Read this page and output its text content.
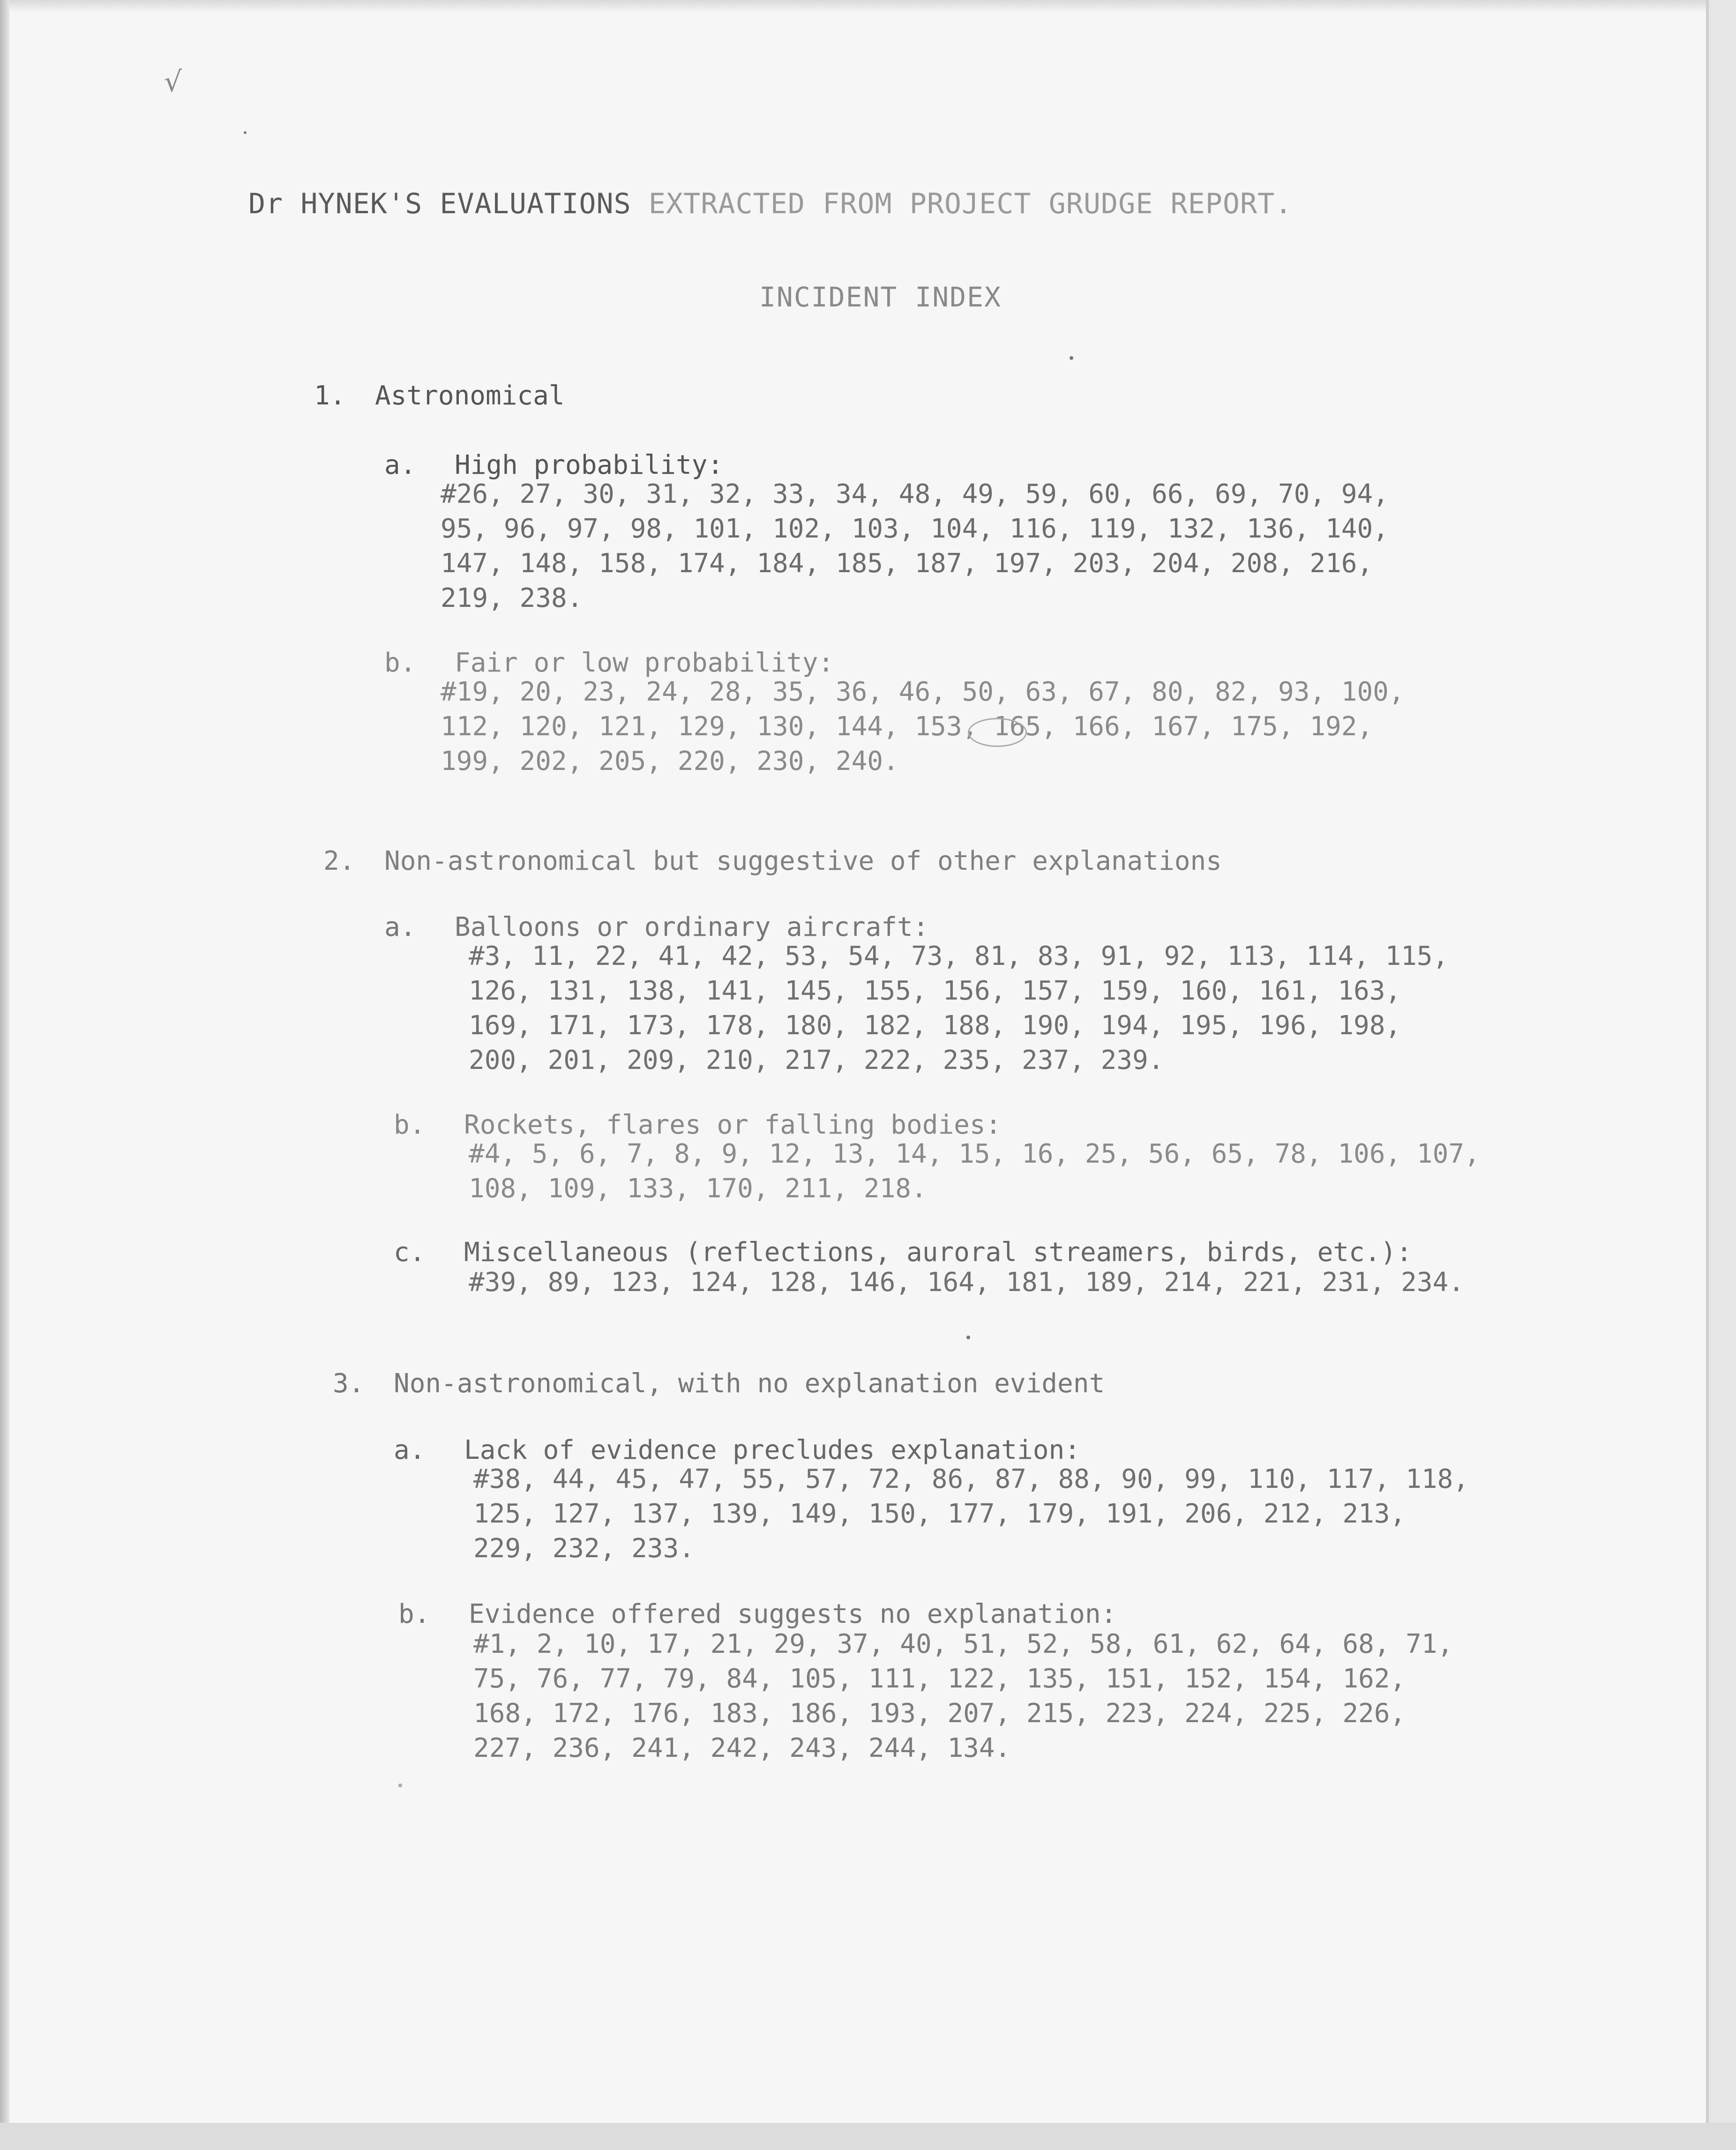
√
Dr HYNEK'S EVALUATIONS EXTRACTED FROM PROJECT GRUDGE REPORT.
INCIDENT INDEX
1. Astronomical
a. High probability:
#26, 27, 30, 31, 32, 33, 34, 48, 49, 59, 60, 66, 69, 70, 94,
95, 96, 97, 98, 101, 102, 103, 104, 116, 119, 132, 136, 140,
147, 148, 158, 174, 184, 185, 187, 197, 203, 204, 208, 216,
219, 238.
b. Fair or low probability:
#19, 20, 23, 24, 28, 35, 36, 46, 50, 63, 67, 80, 82, 93, 100,
112, 120, 121, 129, 130, 144, 153, 165, 166, 167, 175, 192,
199, 202, 205, 220, 230, 240.
2. Non-astronomical but suggestive of other explanations
a. Balloons or ordinary aircraft:
#3, 11, 22, 41, 42, 53, 54, 73, 81, 83, 91, 92, 113, 114, 115,
126, 131, 138, 141, 145, 155, 156, 157, 159, 160, 161, 163,
169, 171, 173, 178, 180, 182, 188, 190, 194, 195, 196, 198,
200, 201, 209, 210, 217, 222, 235, 237, 239.
b. Rockets, flares or falling bodies:
#4, 5, 6, 7, 8, 9, 12, 13, 14, 15, 16, 25, 56, 65, 78, 106, 107,
108, 109, 133, 170, 211, 218.
c. Miscellaneous (reflections, auroral streamers, birds, etc.):
#39, 89, 123, 124, 128, 146, 164, 181, 189, 214, 221, 231, 234.
3. Non-astronomical, with no explanation evident
a. Lack of evidence precludes explanation:
#38, 44, 45, 47, 55, 57, 72, 86, 87, 88, 90, 99, 110, 117, 118,
125, 127, 137, 139, 149, 150, 177, 179, 191, 206, 212, 213,
229, 232, 233.
b. Evidence offered suggests no explanation:
#1, 2, 10, 17, 21, 29, 37, 40, 51, 52, 58, 61, 62, 64, 68, 71,
75, 76, 77, 79, 84, 105, 111, 122, 135, 151, 152, 154, 162,
168, 172, 176, 183, 186, 193, 207, 215, 223, 224, 225, 226,
227, 236, 241, 242, 243, 244, 134.
